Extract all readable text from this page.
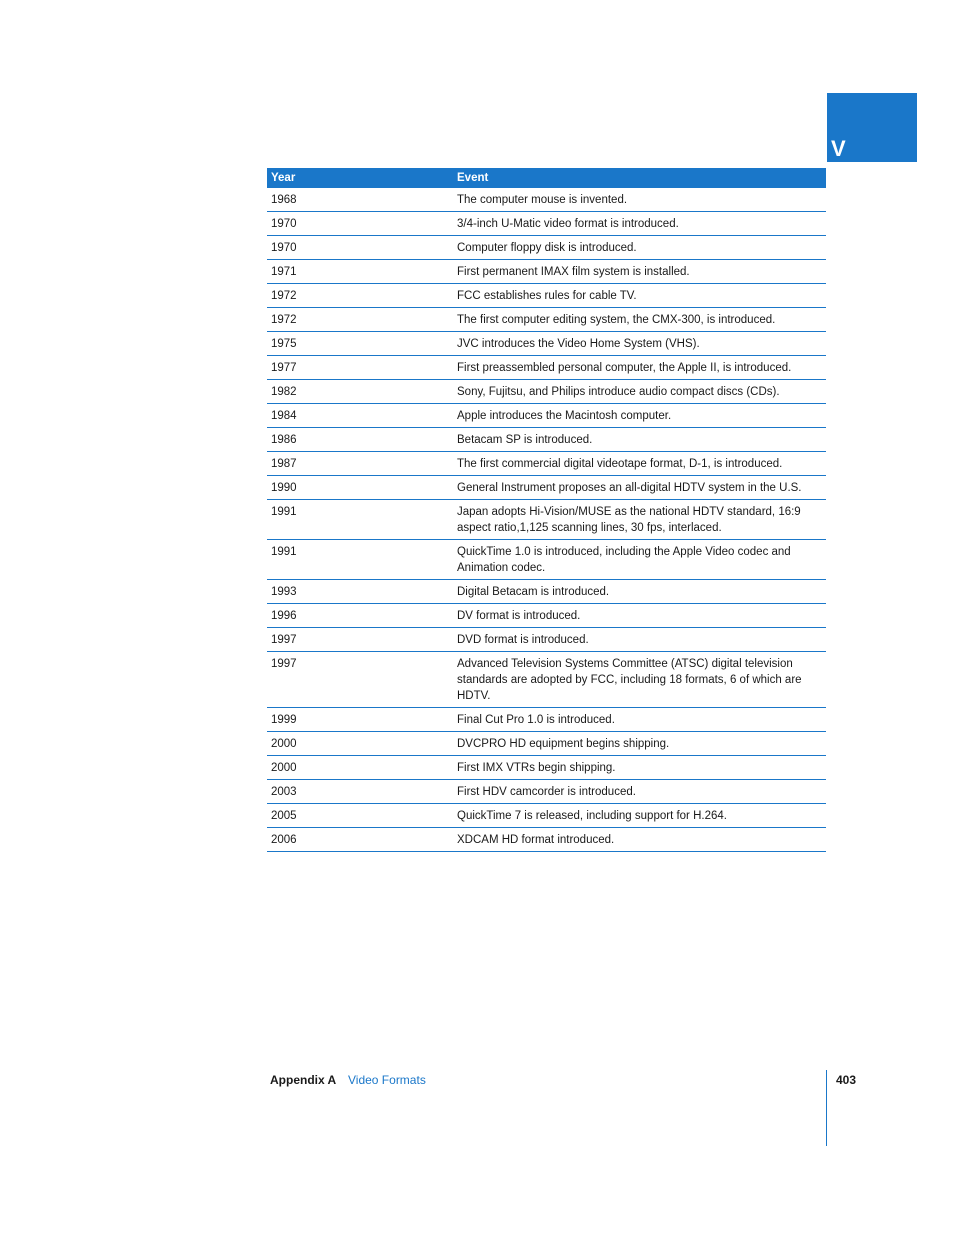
V
Year	Event
1968	The computer mouse is invented.
1970	3/4-inch U-Matic video format is introduced.
1970	Computer floppy disk is introduced.
1971	First permanent IMAX film system is installed.
1972	FCC establishes rules for cable TV.
1972	The first computer editing system, the CMX-300, is introduced.
1975	JVC introduces the Video Home System (VHS).
1977	First preassembled personal computer, the Apple II, is introduced.
1982	Sony, Fujitsu, and Philips introduce audio compact discs (CDs).
1984	Apple introduces the Macintosh computer.
1986	Betacam SP is introduced.
1987	The first commercial digital videotape format, D-1, is introduced.
1990	General Instrument proposes an all-digital HDTV system in the U.S.
1991	Japan adopts Hi-Vision/MUSE as the national HDTV standard, 16:9 aspect ratio,1,125 scanning lines, 30 fps, interlaced.
1991	QuickTime 1.0 is introduced, including the Apple Video codec and Animation codec.
1993	Digital Betacam is introduced.
1996	DV format is introduced.
1997	DVD format is introduced.
1997	Advanced Television Systems Committee (ATSC) digital television standards are adopted by FCC, including 18 formats, 6 of which are HDTV.
1999	Final Cut Pro 1.0 is introduced.
2000	DVCPRO HD equipment begins shipping.
2000	First IMX VTRs begin shipping.
2003	First HDV camcorder is introduced.
2005	QuickTime 7 is released, including support for H.264.
2006	XDCAM HD format introduced.
Appendix A Video Formats	403
